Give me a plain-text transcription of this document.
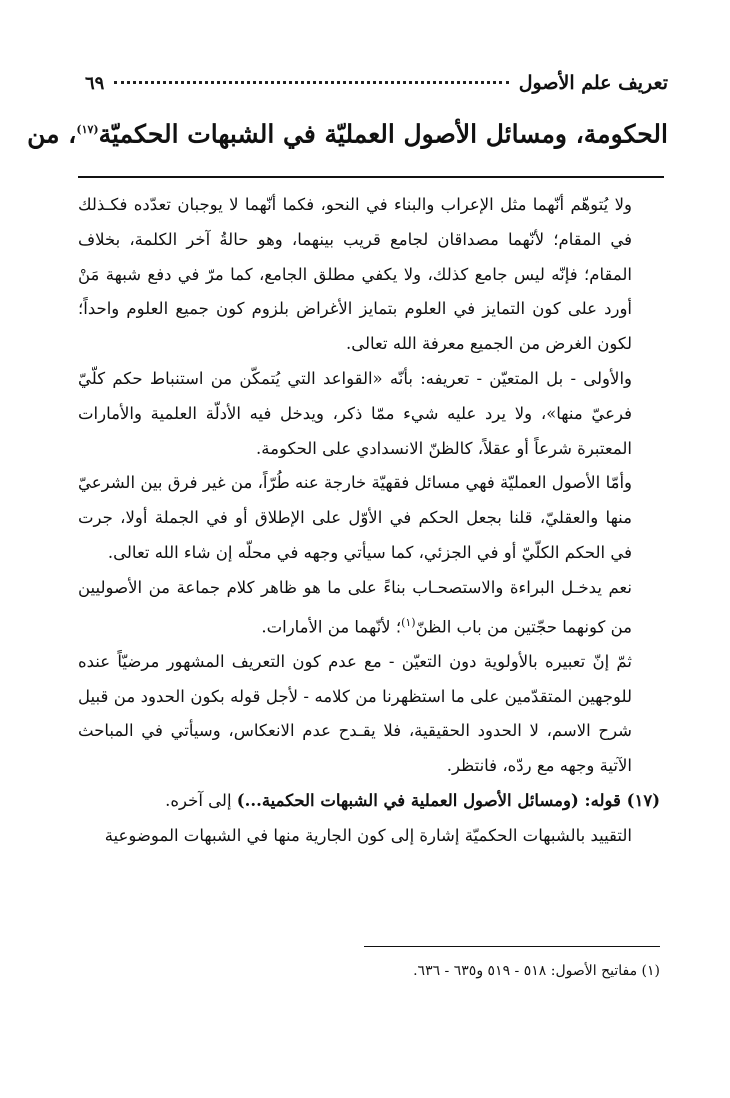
تعريف علم الأصول
٦٩
الحكومة، ومسائل الأصول العمليّة في الشبهات الحكميّة$^{(١٧)}$، من

ولا يُتوهّم أنّهما مثل الإعراب والبناء في النحو، فكما أنّهما لا يوجبان تعدّده فكـذلك في المقام؛ لأنّهما مصداقان لجامع قريب بينهما، وهو حالةُ آخر الكلمة، بخلاف المقام؛ فإنّه ليس جامع كذلك، ولا يكفي مطلق الجامع، كما مرّ في دفع شبهة مَنْ أورد على كون التمايز في العلوم بتمايز الأغراض بلزوم كون جميع العلوم واحداً؛ لكون الغرض من الجميع معرفة الله تعالى.

والأولى - بل المتعيّن - تعريفه: بأنّه «القواعد التي يُتمكّن من استنباط حكم كلّيّ فرعيّ منها»، ولا يرد عليه شيء ممّا ذكر، ويدخل فيه الأدلّة العلمية والأمارات المعتبرة شرعاً أو عقلاً، كالظنّ الانسدادي على الحكومة.

وأمّا الأصول العمليّة فهي مسائل فقهيّة خارجة عنه طُرّاً، من غير فرق بين الشرعيّ منها والعقليّ، قلنا بجعل الحكم في الأوّل على الإطلاق أو في الجملة أولا، جرت في الحكم الكلّيّ أو في الجزئي، كما سيأتي وجهه في محلّه إن شاء الله تعالى.

نعم يدخـل البراءة والاستصحـاب بناءً على ما هو ظاهر كلام جماعة من الأصوليين من كونهما حجّتين من باب الظنّ$^{(١)}$؛ لأنّهما من الأمارات.

ثمّ إنّ تعبيره بالأولوية دون التعيّن - مع عدم كون التعريف المشهور مرضيّاً عنده للوجهين المتقدّمين على ما استظهرنا من كلامه - لأجل قوله بكون الحدود من قبيل شرح الاسم، لا الحدود الحقيقية، فلا يقـدح عدم الانعكاس، وسيأتي في المباحث الآتية وجهه مع ردّه، فانتظر.

(١٧) قوله: (ومسائل الأصول العملية في الشبهات الحكمية...) إلى آخره.

التقييد بالشبهات الحكميّة إشارة إلى كون الجارية منها في الشبهات الموضوعية

(١) مفاتيح الأصول: ٥١٨ - ٥١٩ و٦٣٥ - ٦٣٦.
